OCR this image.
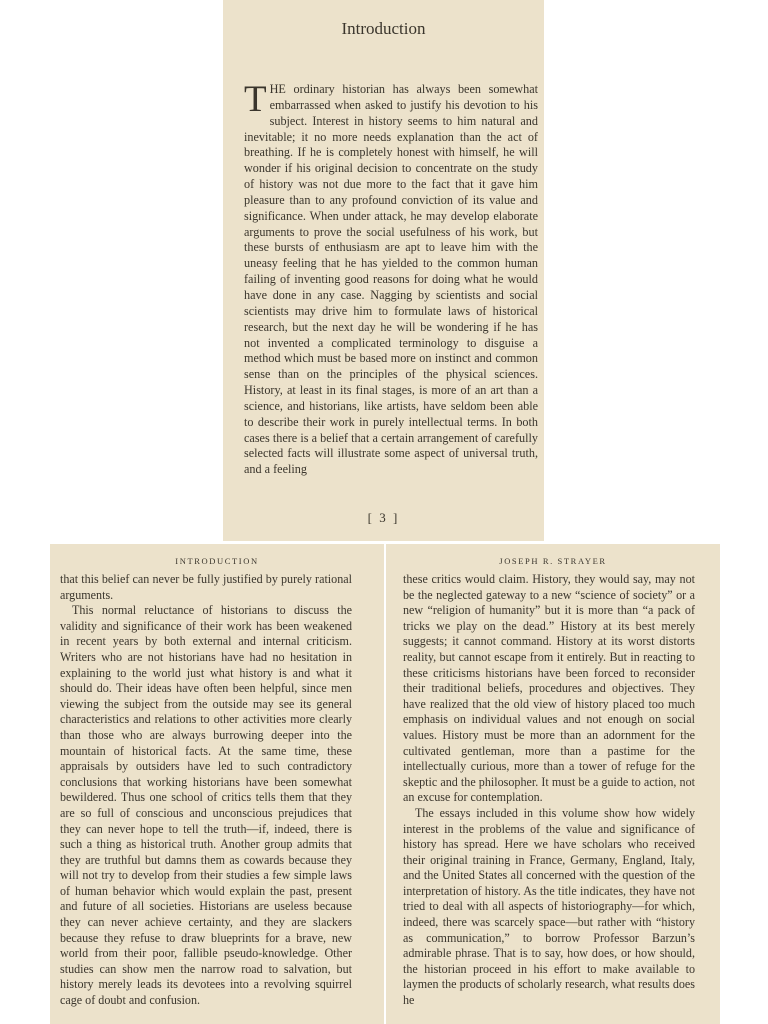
Introduction

THE ordinary historian has always been somewhat embarrassed when asked to justify his devotion to his subject. Interest in history seems to him natural and inevitable; it no more needs explanation than the act of breathing. If he is completely honest with himself, he will wonder if his original decision to concentrate on the study of history was not due more to the fact that it gave him pleasure than to any profound conviction of its value and significance. When under attack, he may develop elaborate arguments to prove the social usefulness of his work, but these bursts of enthusiasm are apt to leave him with the uneasy feeling that he has yielded to the common human failing of inventing good reasons for doing what he would have done in any case. Nagging by scientists and social scientists may drive him to formulate laws of historical research, but the next day he will be wondering if he has not invented a complicated terminology to disguise a method which must be based more on instinct and common sense than on the principles of the physical sciences. History, at least in its final stages, is more of an art than a science, and historians, like artists, have seldom been able to describe their work in purely intellectual terms. In both cases there is a belief that a certain arrangement of carefully selected facts will illustrate some aspect of universal truth, and a feeling

[ 3 ]
INTRODUCTION

that this belief can never be fully justified by purely rational arguments.

This normal reluctance of historians to discuss the validity and significance of their work has been weakened in recent years by both external and internal criticism. Writers who are not historians have had no hesitation in explaining to the world just what history is and what it should do. Their ideas have often been helpful, since men viewing the subject from the outside may see its general characteristics and relations to other activities more clearly than those who are always burrowing deeper into the mountain of historical facts. At the same time, these appraisals by outsiders have led to such contradictory conclusions that working historians have been somewhat bewildered. Thus one school of critics tells them that they are so full of conscious and unconscious prejudices that they can never hope to tell the truth—if, indeed, there is such a thing as historical truth. Another group admits that they are truthful but damns them as cowards because they will not try to develop from their studies a few simple laws of human behavior which would explain the past, present and future of all societies. Historians are useless because they can never achieve certainty, and they are slackers because they refuse to draw blueprints for a brave, new world from their poor, fallible pseudo-knowledge. Other studies can show men the narrow road to salvation, but history merely leads its devotees into a revolving squirrel cage of doubt and confusion.

JOSEPH R. STRAYER

these critics would claim. History, they would say, may not be the neglected gateway to a new “science of society” or a new “religion of humanity” but it is more than “a pack of tricks we play on the dead.” History at its best merely suggests; it cannot command. History at its worst distorts reality, but cannot escape from it entirely. But in reacting to these criticisms historians have been forced to reconsider their traditional beliefs, procedures and objectives. They have realized that the old view of history placed too much emphasis on individual values and not enough on social values. History must be more than an adornment for the cultivated gentleman, more than a pastime for the intellectually curious, more than a tower of refuge for the skeptic and the philosopher. It must be a guide to action, not an excuse for contemplation.

The essays included in this volume show how widely interest in the problems of the value and significance of history has spread. Here we have scholars who received their original training in France, Germany, England, Italy, and the United States all concerned with the question of the interpretation of history. As the title indicates, they have not tried to deal with all aspects of historiography—for which, indeed, there was scarcely space—but rather with “history as communication,” to borrow Professor Barzun’s admirable phrase. That is to say, how does, or how should, the historian proceed in his effort to make available to laymen the products of scholarly research, what results does he
